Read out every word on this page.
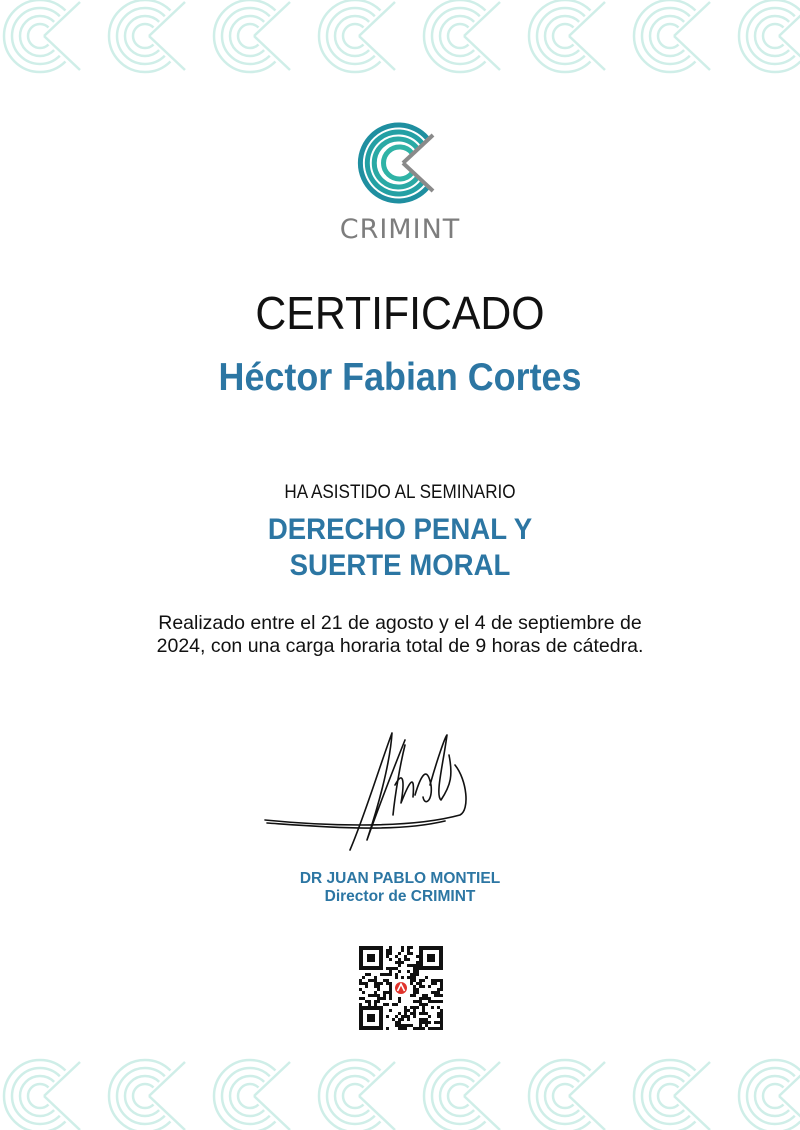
CRIMINT
CERTIFICADO
Héctor Fabian Cortes
HA ASISTIDO AL SEMINARIO
DERECHO PENAL Y
SUERTE MORAL
Realizado entre el 21 de agosto y el 4 de septiembre de
2024, con una carga horaria total de 9 horas de cátedra.
DR JUAN PABLO MONTIEL
Director de CRIMINT
